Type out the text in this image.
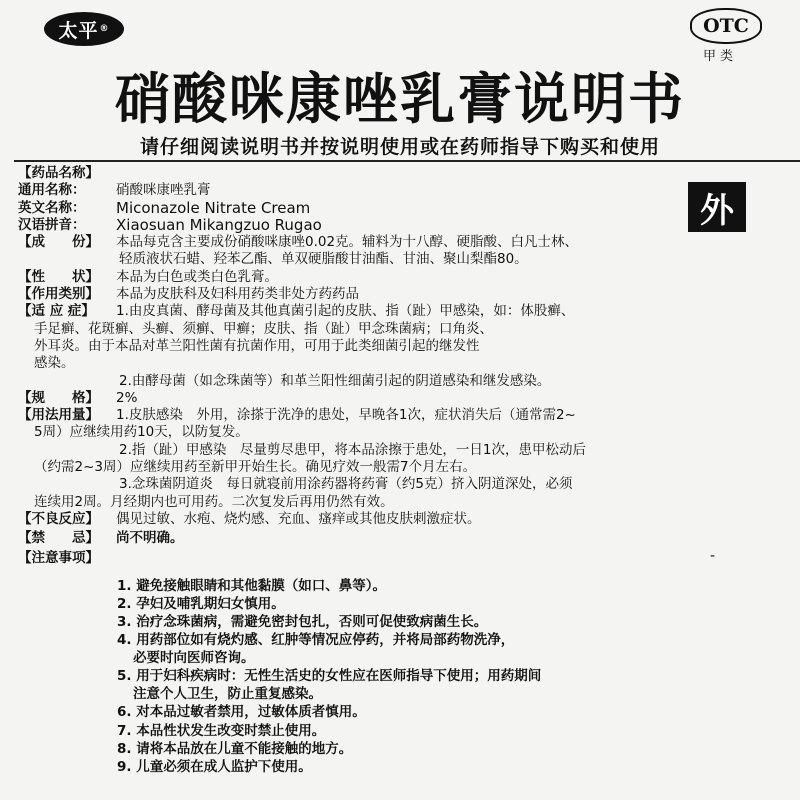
太平 ®	OTC
甲类
硝酸咪康唑乳膏说明书
请仔细阅读说明书并按说明使用或在药师指导下购买和使用
外
【药品名称】
通用名称：	硝酸咪康唑乳膏
英文名称：	Miconazole Nitrate Cream
汉语拼音：	Xiaosuan Mikangzuo Rugao
【成　　份】	本品每克含主要成份硝酸咪康唑0.02克。辅料为十八醇、硬脂酸、白凡士林、
轻质液状石蜡、羟苯乙酯、单双硬脂酸甘油酯、甘油、聚山梨酯80。
【性　　状】	本品为白色或类白色乳膏。
【作用类别】	本品为皮肤科及妇科用药类非处方药药品
【适 应 症】	1.由皮真菌、酵母菌及其他真菌引起的皮肤、指（趾）甲感染，如：体股癣、
手足癣、花斑癣、头癣、须癣、甲癣；皮肤、指（趾）甲念珠菌病；口角炎、
外耳炎。由于本品对革兰阳性菌有抗菌作用，可用于此类细菌引起的继发性
感染。
2.由酵母菌（如念珠菌等）和革兰阳性细菌引起的阴道感染和继发感染。
【规　　格】	2%
【用法用量】	1.皮肤感染　外用，涂搽于洗净的患处，早晚各1次，症状消失后（通常需2~
5周）应继续用药10天，以防复发。
2.指（趾）甲感染　尽量剪尽患甲，将本品涂擦于患处，一日1次，患甲松动后
（约需2~3周）应继续用药至新甲开始生长。确见疗效一般需7个月左右。
3.念珠菌阴道炎　每日就寝前用涂药器将药膏（约5克）挤入阴道深处，必须
连续用2周。月经期内也可用药。二次复发后再用仍然有效。
【不良反应】	偶见过敏、水疱、烧灼感、充血、瘙痒或其他皮肤刺激症状。
【禁　　忌】	尚不明确。
【注意事项】
1. 避免接触眼睛和其他黏膜（如口、鼻等）。
2. 孕妇及哺乳期妇女慎用。
3. 治疗念珠菌病，需避免密封包扎，否则可促使致病菌生长。
4. 用药部位如有烧灼感、红肿等情况应停药，并将局部药物洗净，
必要时向医师咨询。
5. 用于妇科疾病时：无性生活史的女性应在医师指导下使用；用药期间
注意个人卫生，防止重复感染。
6. 对本品过敏者禁用，过敏体质者慎用。
7. 本品性状发生改变时禁止使用。
8. 请将本品放在儿童不能接触的地方。
9. 儿童必须在成人监护下使用。
-
